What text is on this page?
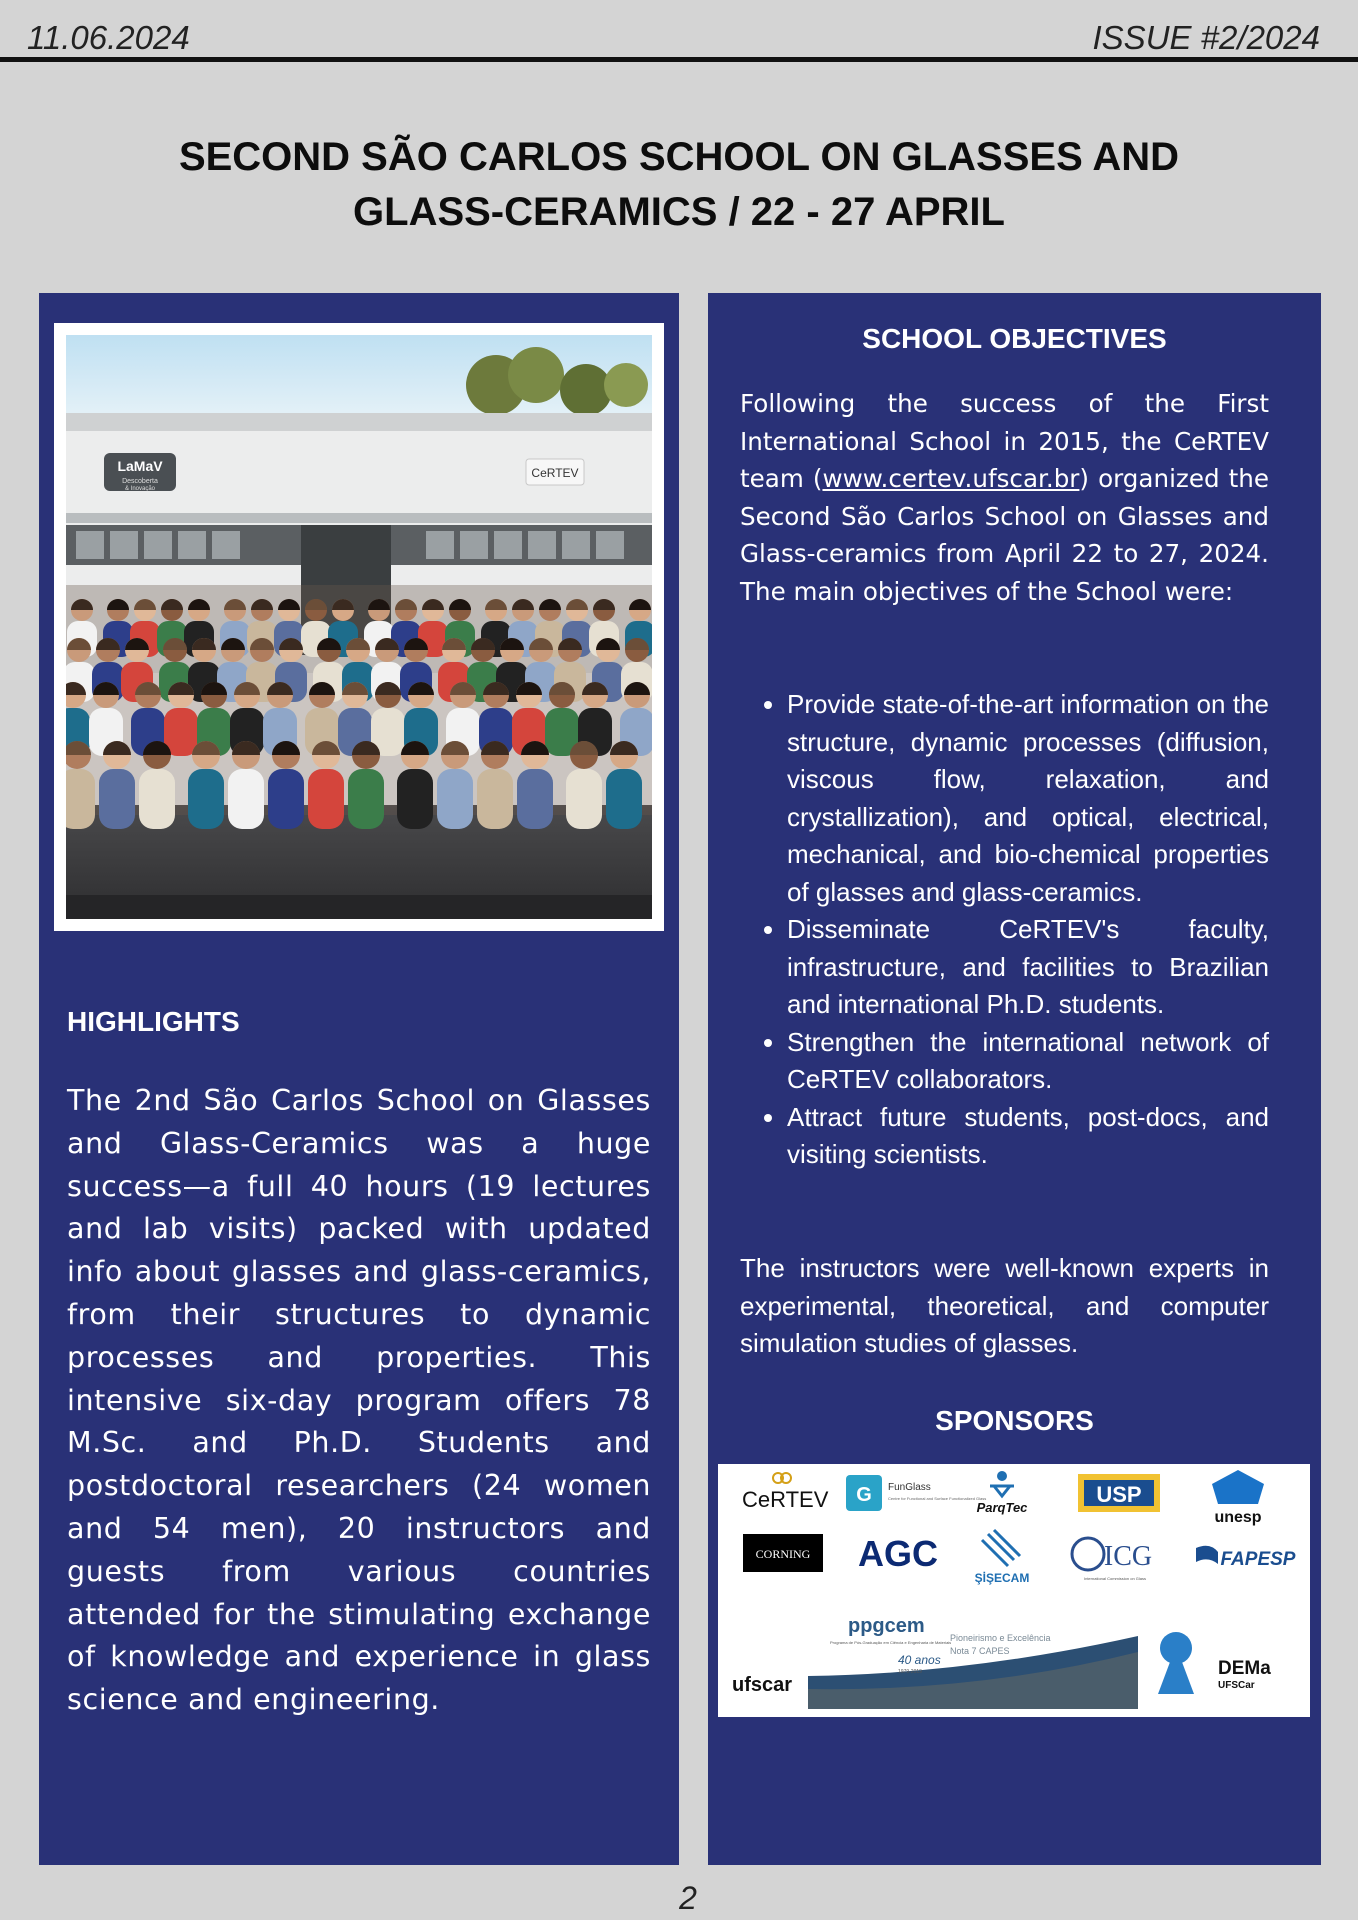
11.06.2024	ISSUE #2/2024
SECOND SÃO CARLOS SCHOOL ON GLASSES AND
GLASS-CERAMICS / 22 - 27 APRIL
LaMaV
Descoberta
& Inovação
CeRTEV
HIGHLIGHTS
The 2nd São Carlos School on Glasses and Glass-Ceramics was a huge success—a full 40 hours (19 lectures and lab visits) packed with updated info about glasses and glass-ceramics, from their structures to dynamic processes and properties. This intensive six-day program offers 78 M.Sc. and Ph.D. Students and postdoctoral researchers (24 women and 54 men), 20 instructors and guests from various countries attended for the stimulating exchange of knowledge and experience in glass science and engineering.
SCHOOL OBJECTIVES
Following the success of the First International School in 2015, the CeRTEV team (www.certev.ufscar.br) organized the Second São Carlos School on Glasses and Glass-ceramics from April 22 to 27, 2024. The main objectives of the School were:
• Provide state-of-the-art information on the structure, dynamic processes (diffusion, viscous flow, relaxation, and crystallization), and optical, electrical, mechanical, and bio-chemical properties of glasses and glass-ceramics.
• Disseminate CeRTEV's faculty, infrastructure, and facilities to Brazilian and international Ph.D. students.
• Strengthen the international network of CeRTEV collaborators.
• Attract future students, post-docs, and visiting scientists.
The instructors were well-known experts in experimental, theoretical, and computer simulation studies of glasses.
SPONSORS
CeRTEV G FunGlass
Centre for Functional and Surface Functionalized Glass
ParqTec
USP
unesp
CORNING AGC
ŞİŞECAM
ICG
International Commission on Glass
FAPESP
ufscar
ppgcem
Programa de Pós-Graduação em Ciência e Engenharia de Materiais
40 anos
1979-2019
Pioneirismo e Excelência
Nota 7 CAPES
DEMa
UFSCar
2
